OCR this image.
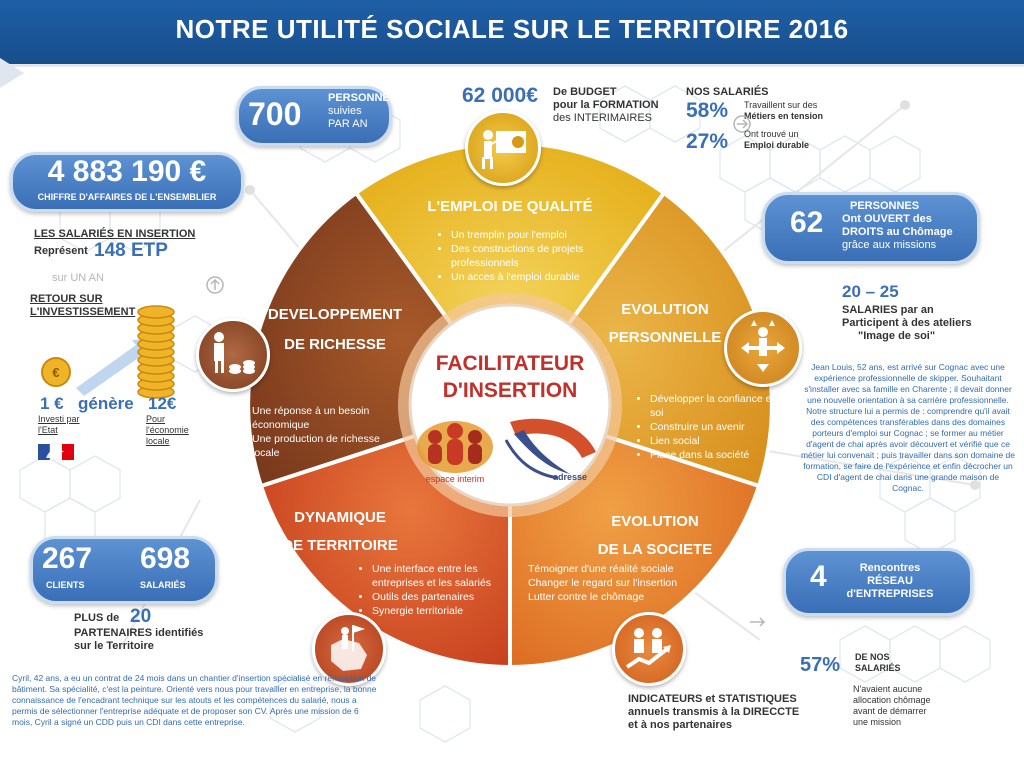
NOTRE UTILITÉ SOCIALE SUR LE TERRITOIRE 2016
FACILITATEUR
D'INSERTION
espace interim	adresse
L'EMPLOI DE QUALITÉ
• Un tremplin pour l'emploi
• Des constructions de projets professionnels
• Un acces à l'emploi durable
EVOLUTION
PERSONNELLE
• Développer la confiance en soi
• Construire un avenir
• Lien social
• Place dans la société
EVOLUTION
DE LA SOCIETE
Témoigner d'une réalité sociale
Changer le regard sur l'insertion
Lutter contre le chômage
DYNAMIQUE
DE TERRITOIRE
• Une interface entre les entreprises et les salariés
• Outils des partenaires
• Synergie territoriale
DEVELOPPEMENT
DE RICHESSE
Une réponse à un besoin économique
Une production de richesse locale
700 PERSONNES
suivies
PAR AN
4 883 190 €
CHIFFRE D'AFFAIRES DE L'ENSEMBLIER
LES SALARIÉS EN INSERTION
Représent 148 ETP
sur UN AN
RETOUR SUR L'INVESTISSEMENT
€
1 € génère 12€
Investi par l'Etat
Pour l'économie locale
62 000€ De BUDGET
pour la FORMATION
des INTERIMAIRES
NOS SALARIÉS
58% Travaillent sur des
Métiers en tension
27% Ont trouvé un
Emploi durable
62	PERSONNES
Ont OUVERT des
DROITS au Chômage
grâce aux missions
20 – 25
SALARIES par an
Participent à des ateliers
"Image de soi"
Jean Louis, 52 ans, est arrivé sur Cognac avec une expérience professionnelle de skipper. Souhaitant s'installer avec sa famille en Charente ; il devait donner une nouvelle orientation à sa carrière professionnelle. Notre structure lui a permis de : comprendre qu'il avait des compétences transférables dans des domaines porteurs d'emploi sur Cognac ; se former au métier d'agent de chai après avoir découvert et vérifié que ce métier lui convenait ; puis travailler dans son domaine de formation, se faire de l'expérience et enfin décrocher un CDI d'agent de chai dans une grande maison de Cognac.
4	Rencontres
RÉSEAU
d'ENTREPRISES
57% DE NOS
SALARIÉS
N'avaient aucune allocation chômage avant de démarrer une mission
267
CLIENTS
698
SALARIÉS
PLUS de 20
PARTENAIRES identifiés
sur le Territoire
Cyril, 42 ans, a eu un contrat de 24 mois dans un chantier d'insertion spécialisé en rénovation de bâtiment. Sa spécialité, c'est la peinture. Orienté vers nous pour travailler en entreprise, la bonne connaissance de l'encadrant technique sur les atouts et les compétences du salarié, nous a permis de sélectionner l'entreprise adéquate et de proposer son CV. Après une mission de 6 mois, Cyril a signé un CDD puis un CDI dans cette entreprise.
INDICATEURS et STATISTIQUES
annuels transmis à la DIRECCTE
et à nos partenaires
